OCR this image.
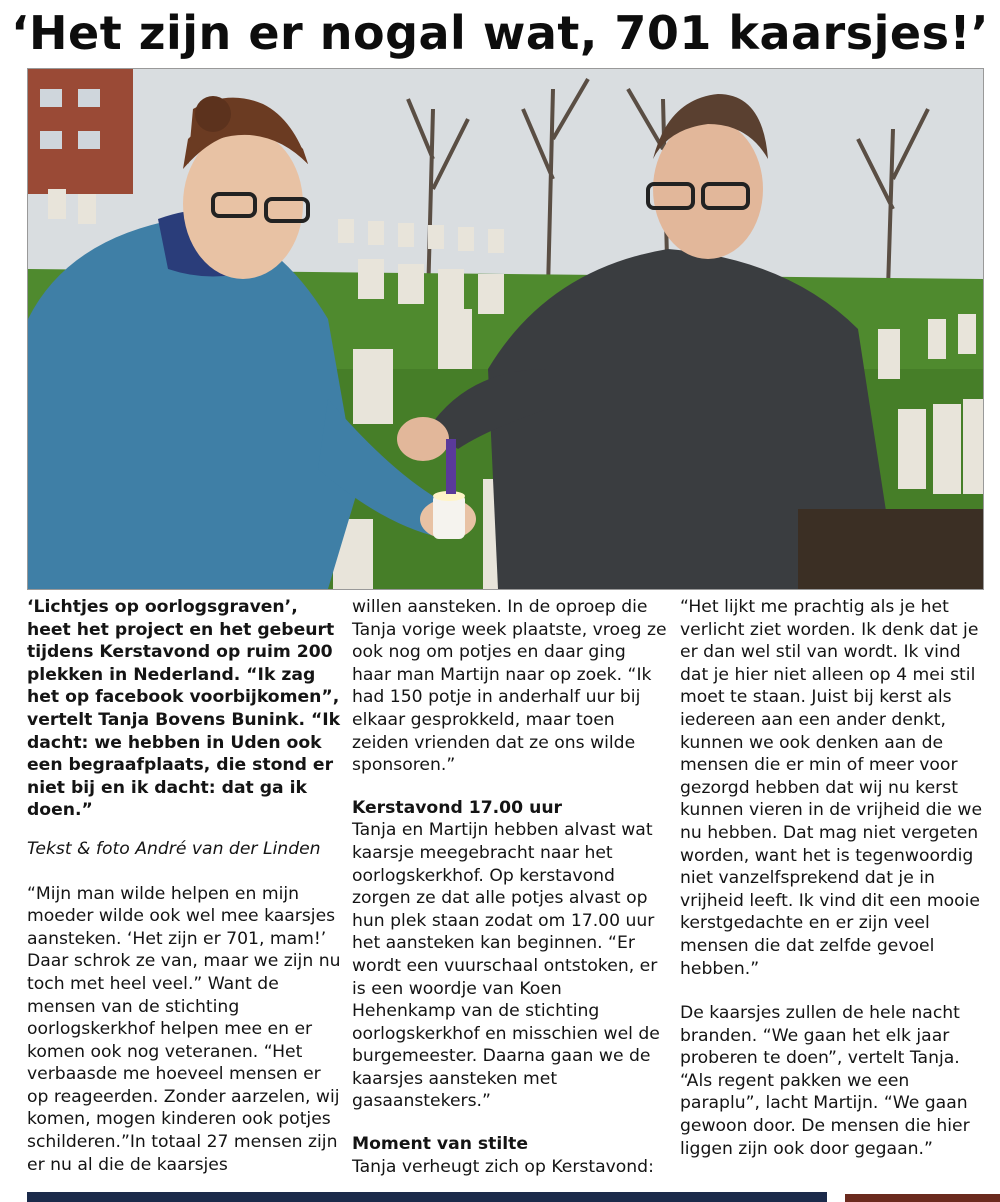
‘Het zijn er nogal wat, 701 kaarsjes!’

‘Lichtjes op oorlogsgraven’, heet het project en het gebeurt tijdens Kerstavond op ruim 200 plekken in Nederland. “Ik zag het op facebook voorbijkomen”, vertelt Tanja Bovens Bunink. “Ik dacht: we hebben in Uden ook een begraafplaats, die stond er niet bij en ik dacht: dat ga ik doen.”

Tekst & foto André van der Linden

“Mijn man wilde helpen en mijn moeder wilde ook wel mee kaarsjes aansteken. ‘Het zijn er 701, mam!’ Daar schrok ze van, maar we zijn nu toch met heel veel.” Want de mensen van de stichting oorlogskerkhof helpen mee en er komen ook nog veteranen. “Het verbaasde me hoeveel mensen er op reageerden. Zonder aarzelen, wij komen, mogen kinderen ook potjes schilderen.”In totaal 27 mensen zijn er nu al die de kaarsjes

willen aansteken. In de oproep die Tanja vorige week plaatste, vroeg ze ook nog om potjes en daar ging haar man Martijn naar op zoek. “Ik had 150 potje in anderhalf uur bij elkaar gesprokkeld, maar toen zeiden vrienden dat ze ons wilde sponsoren.”

Kerstavond 17.00 uur

Tanja en Martijn hebben alvast wat kaarsje meegebracht naar het oorlogskerkhof. Op kerstavond zorgen ze dat alle potjes alvast op hun plek staan zodat om 17.00 uur het aansteken kan beginnen. “Er wordt een vuurschaal ontstoken, er is een woordje van Koen Hehenkamp van de stichting oorlogskerkhof en misschien wel de burgemeester. Daarna gaan we de kaarsjes aansteken met gasaanstekers.”

Moment van stilte

Tanja verheugt zich op Kerstavond:

“Het lijkt me prachtig als je het verlicht ziet worden. Ik denk dat je er dan wel stil van wordt. Ik vind dat je hier niet alleen op 4 mei stil moet te staan. Juist bij kerst als iedereen aan een ander denkt, kunnen we ook denken aan de mensen die er min of meer voor gezorgd hebben dat wij nu kerst kunnen vieren in de vrijheid die we nu hebben. Dat mag niet vergeten worden, want het is tegenwoordig niet vanzelfsprekend dat je in vrijheid leeft. Ik vind dit een mooie kerstgedachte en er zijn veel mensen die dat zelfde gevoel hebben.”

De kaarsjes zullen de hele nacht branden. “We gaan het elk jaar proberen te doen”, vertelt Tanja. “Als regent pakken we een paraplu”, lacht Martijn. “We gaan gewoon door. De mensen die hier liggen zijn ook door gegaan.”
